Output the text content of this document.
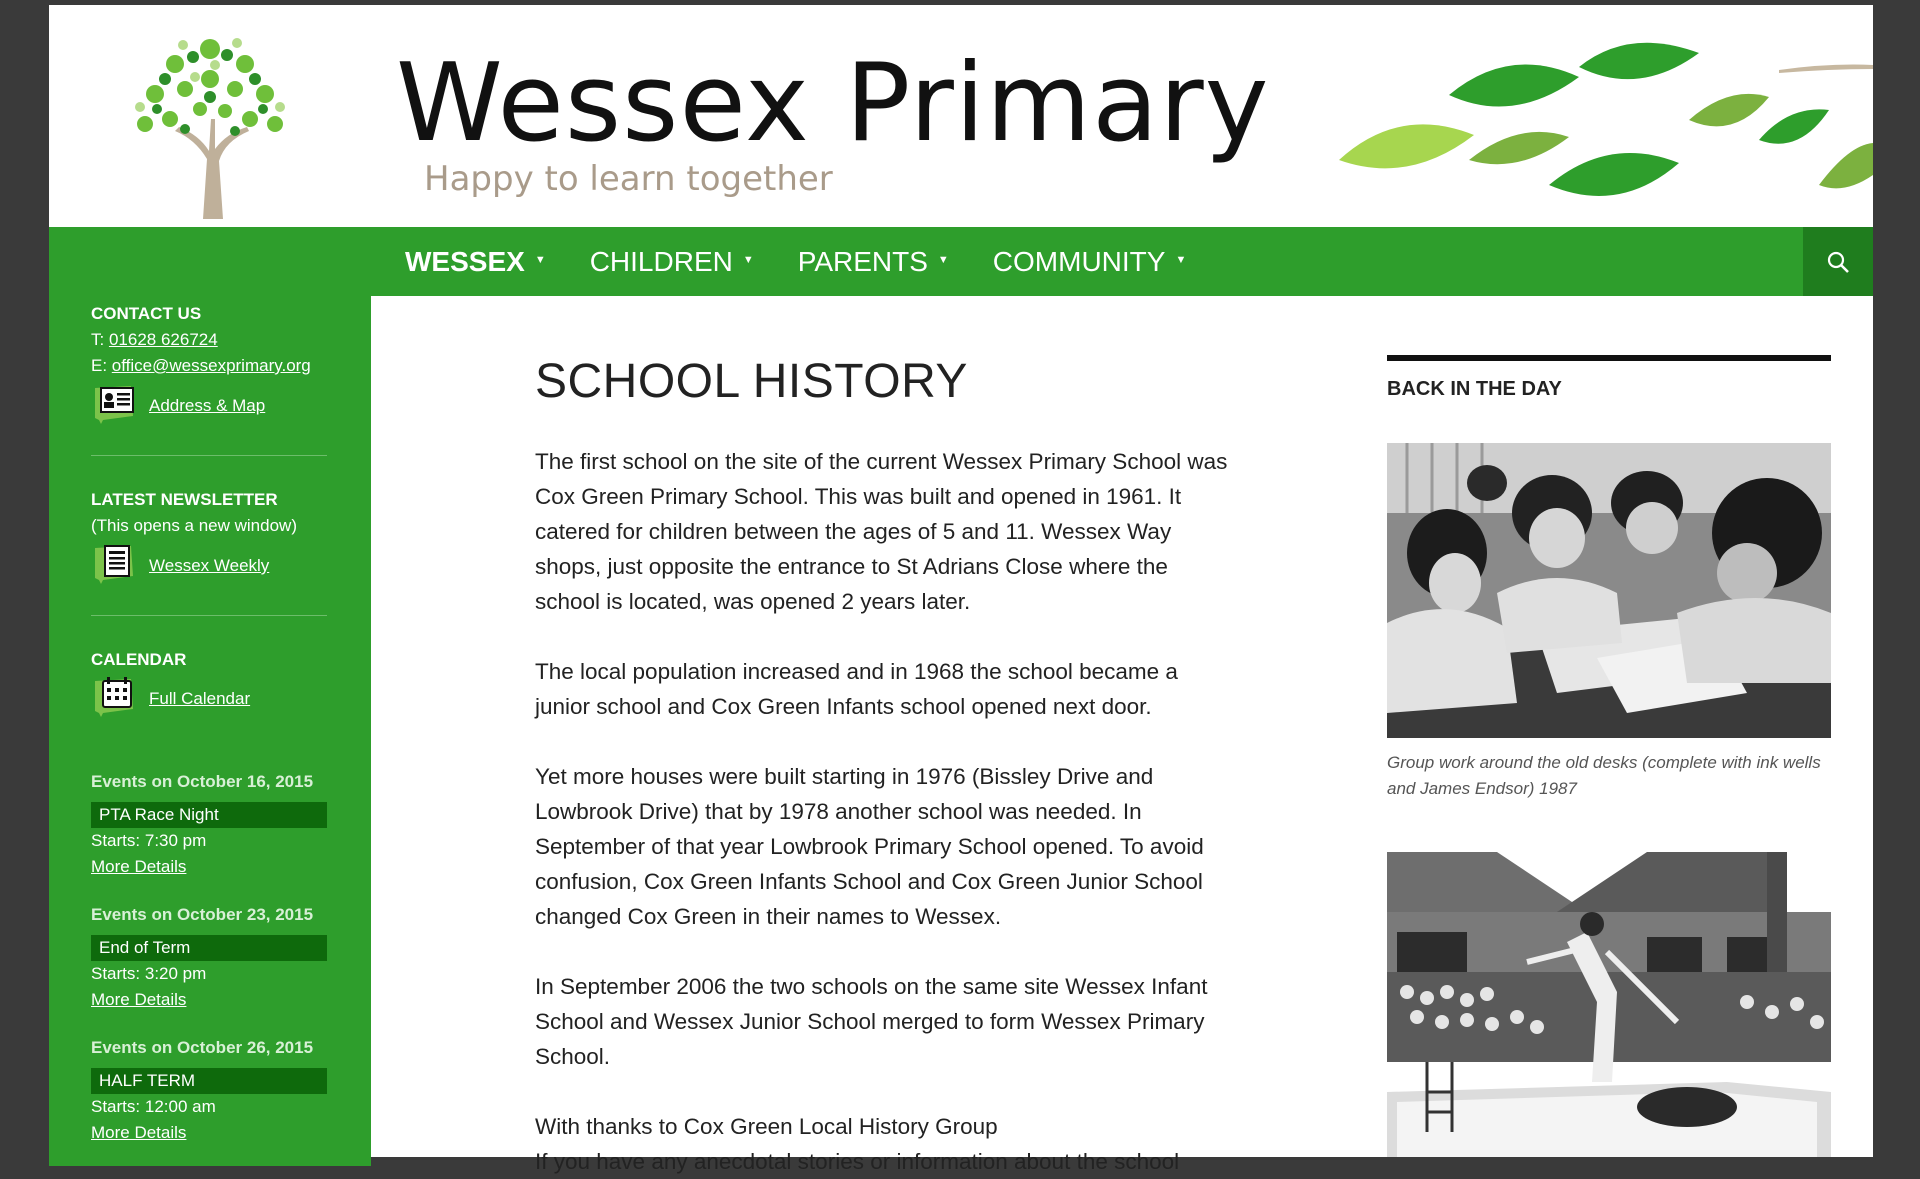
Wessex Primary
Happy to learn together
WESSEX ▼ CHILDREN ▼ PARENTS ▼ COMMUNITY ▼
CONTACT US
T: 01628 626724
E: office@wessexprimary.org
Address & Map
LATEST NEWSLETTER
(This opens a new window)
Wessex Weekly
CALENDAR
Full Calendar
Events on October 16, 2015
PTA Race Night
Starts: 7:30 pm
More Details
Events on October 23, 2015
End of Term
Starts: 3:20 pm
More Details
Events on October 26, 2015
HALF TERM
Starts: 12:00 am
More Details
SCHOOL HISTORY

The first school on the site of the current Wessex Primary School was Cox Green Primary School. This was built and opened in 1961. It catered for children between the ages of 5 and 11. Wessex Way shops, just opposite the entrance to St Adrians Close where the school is located, was opened 2 years later.

The local population increased and in 1968 the school became a junior school and Cox Green Infants school opened next door.

Yet more houses were built starting in 1976 (Bissley Drive and Lowbrook Drive) that by 1978 another school was needed. In September of that year Lowbrook Primary School opened. To avoid confusion, Cox Green Infants School and Cox Green Junior School changed Cox Green in their names to Wessex.

In September 2006 the two schools on the same site Wessex Infant School and Wessex Junior School merged to form Wessex Primary School.

With thanks to Cox Green Local History Group

If you have any anecdotal stories or information about the school

BACK IN THE DAY
Group work around the old desks (complete with ink wells and James Endsor) 1987
